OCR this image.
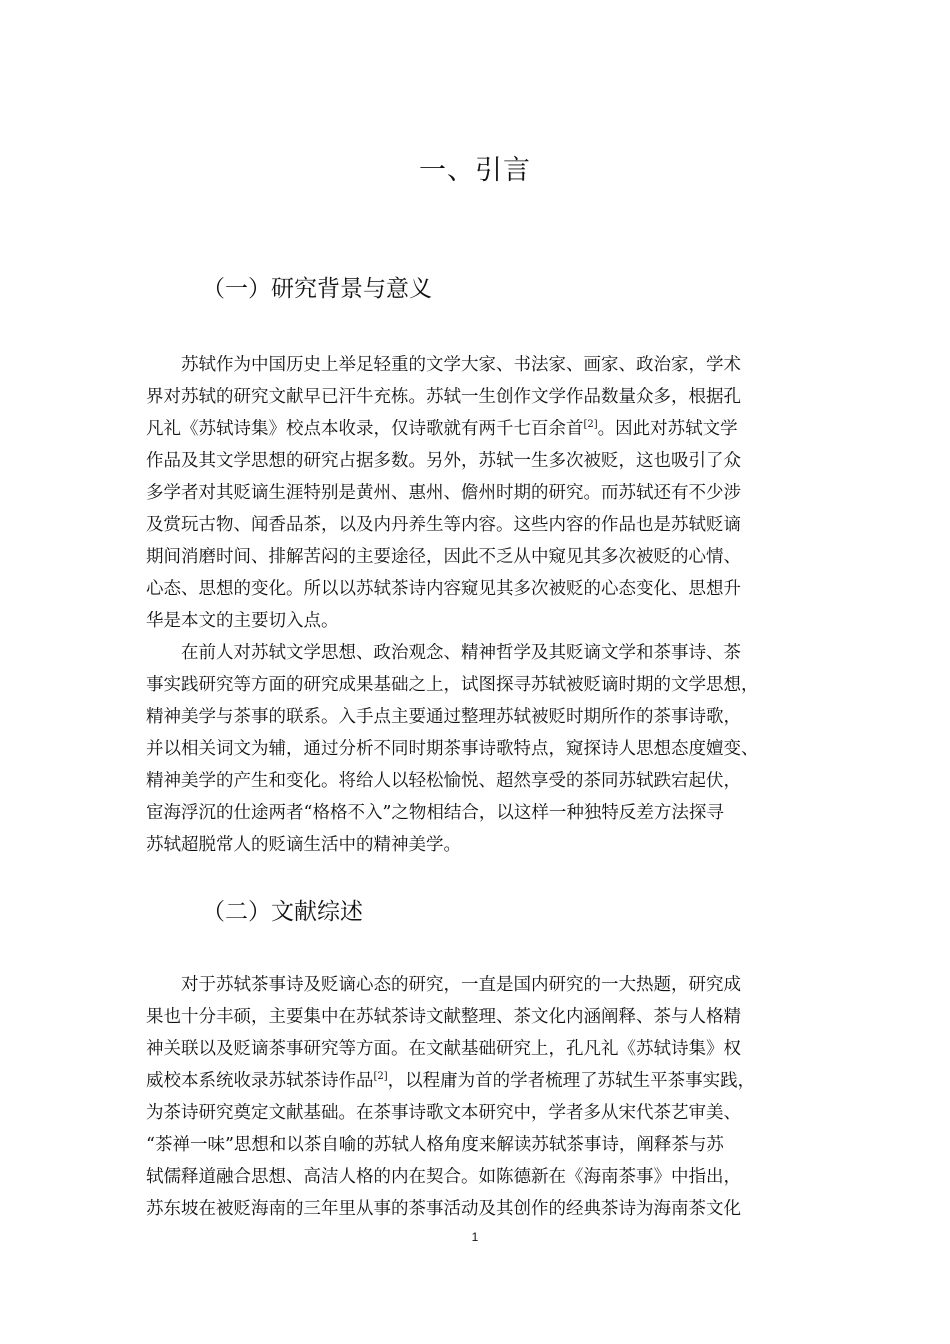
一、引言
（一）研究背景与意义
苏轼作为中国历史上举足轻重的文学大家、书法家、画家、政治家，学术
界对苏轼的研究文献早已汗牛充栋。苏轼一生创作文学作品数量众多，根据孔
凡礼《苏轼诗集》校点本收录，仅诗歌就有两千七百余首[2]。因此对苏轼文学
作品及其文学思想的研究占据多数。另外，苏轼一生多次被贬，这也吸引了众
多学者对其贬谪生涯特别是黄州、惠州、儋州时期的研究。而苏轼还有不少涉
及赏玩古物、闻香品茶，以及内丹养生等内容。这些内容的作品也是苏轼贬谪
期间消磨时间、排解苦闷的主要途径，因此不乏从中窥见其多次被贬的心情、
心态、思想的变化。所以以苏轼茶诗内容窥见其多次被贬的心态变化、思想升
华是本文的主要切入点。
在前人对苏轼文学思想、政治观念、精神哲学及其贬谪文学和茶事诗、茶
事实践研究等方面的研究成果基础之上，试图探寻苏轼被贬谪时期的文学思想，
精神美学与茶事的联系。入手点主要通过整理苏轼被贬时期所作的茶事诗歌，
并以相关词文为辅，通过分析不同时期茶事诗歌特点，窥探诗人思想态度嬗变、
精神美学的产生和变化。将给人以轻松愉悦、超然享受的茶同苏轼跌宕起伏，
宦海浮沉的仕途两者“格格不入”之物相结合，以这样一种独特反差方法探寻
苏轼超脱常人的贬谪生活中的精神美学。
（二）文献综述
对于苏轼茶事诗及贬谪心态的研究，一直是国内研究的一大热题，研究成
果也十分丰硕，主要集中在苏轼茶诗文献整理、茶文化内涵阐释、茶与人格精
神关联以及贬谪茶事研究等方面。在文献基础研究上，孔凡礼《苏轼诗集》权
威校本系统收录苏轼茶诗作品[2]，以程庸为首的学者梳理了苏轼生平茶事实践，
为茶诗研究奠定文献基础。在茶事诗歌文本研究中，学者多从宋代茶艺审美、
“茶禅一味”思想和以茶自喻的苏轼人格角度来解读苏轼茶事诗，阐释茶与苏
轼儒释道融合思想、高洁人格的内在契合。如陈德新在《海南茶事》中指出，
苏东坡在被贬海南的三年里从事的茶事活动及其创作的经典茶诗为海南茶文化
1
